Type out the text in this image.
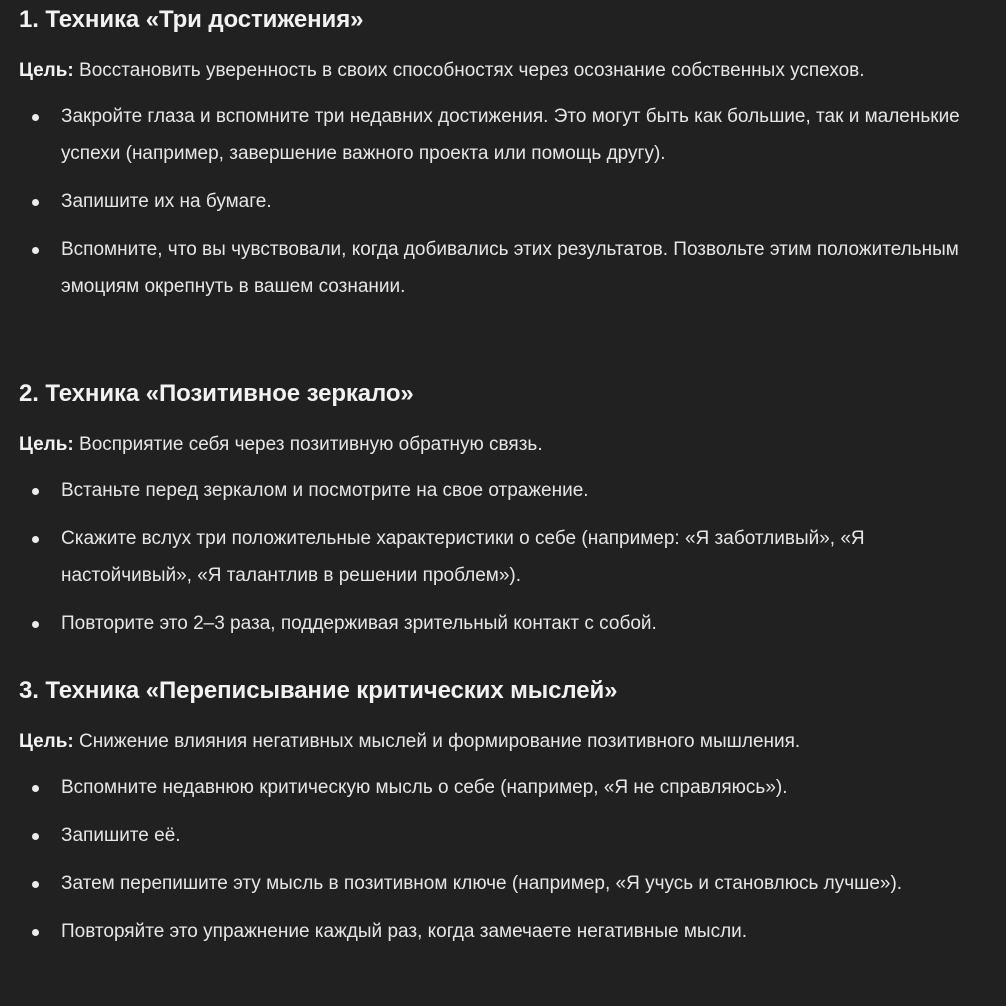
1. Техника «Три достижения»

Цель: Восстановить уверенность в своих способностях через осознание собственных успехов.

Закройте глаза и вспомните три недавних достижения. Это могут быть как большие, так и маленькие успехи (например, завершение важного проекта или помощь другу).
Запишите их на бумаге.
Вспомните, что вы чувствовали, когда добивались этих результатов. Позвольте этим положительным эмоциям окрепнуть в вашем сознании.
2. Техника «Позитивное зеркало»

Цель: Восприятие себя через позитивную обратную связь.

Встаньте перед зеркалом и посмотрите на свое отражение.
Скажите вслух три положительные характеристики о себе (например: «Я заботливый», «Я настойчивый», «Я талантлив в решении проблем»).
Повторите это 2–3 раза, поддерживая зрительный контакт с собой.
3. Техника «Переписывание критических мыслей»

Цель: Снижение влияния негативных мыслей и формирование позитивного мышления.

Вспомните недавнюю критическую мысль о себе (например, «Я не справляюсь»).
Запишите её.
Затем перепишите эту мысль в позитивном ключе (например, «Я учусь и становлюсь лучше»).
Повторяйте это упражнение каждый раз, когда замечаете негативные мысли.
